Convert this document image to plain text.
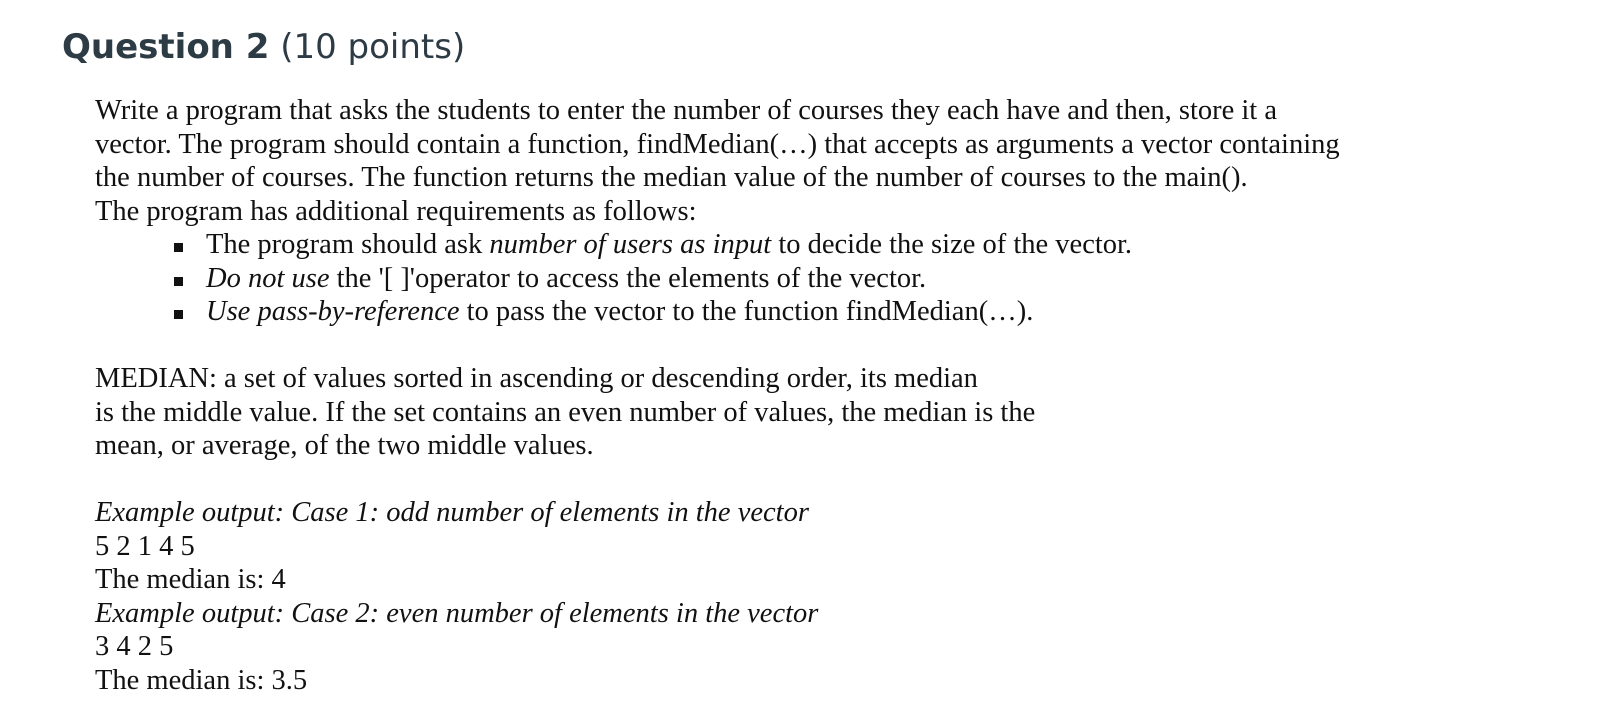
Question 2 (10 points)

Write a program that asks the students to enter the number of courses they each have and then, store it a

vector. The program should contain a function, findMedian(…) that accepts as arguments a vector containing

the number of courses. The function returns the median value of the number of courses to the main().

The program has additional requirements as follows:

The program should ask number of users as input to decide the size of the vector.
Do not use the '[ ]'operator to access the elements of the vector.
Use pass-by-reference to pass the vector to the function findMedian(…).

MEDIAN: a set of values sorted in ascending or descending order, its median

is the middle value. If the set contains an even number of values, the median is the

mean, or average, of the two middle values.

Example output: Case 1: odd number of elements in the vector

5 2 1 4 5

The median is: 4

Example output: Case 2: even number of elements in the vector

3 4 2 5

The median is: 3.5
